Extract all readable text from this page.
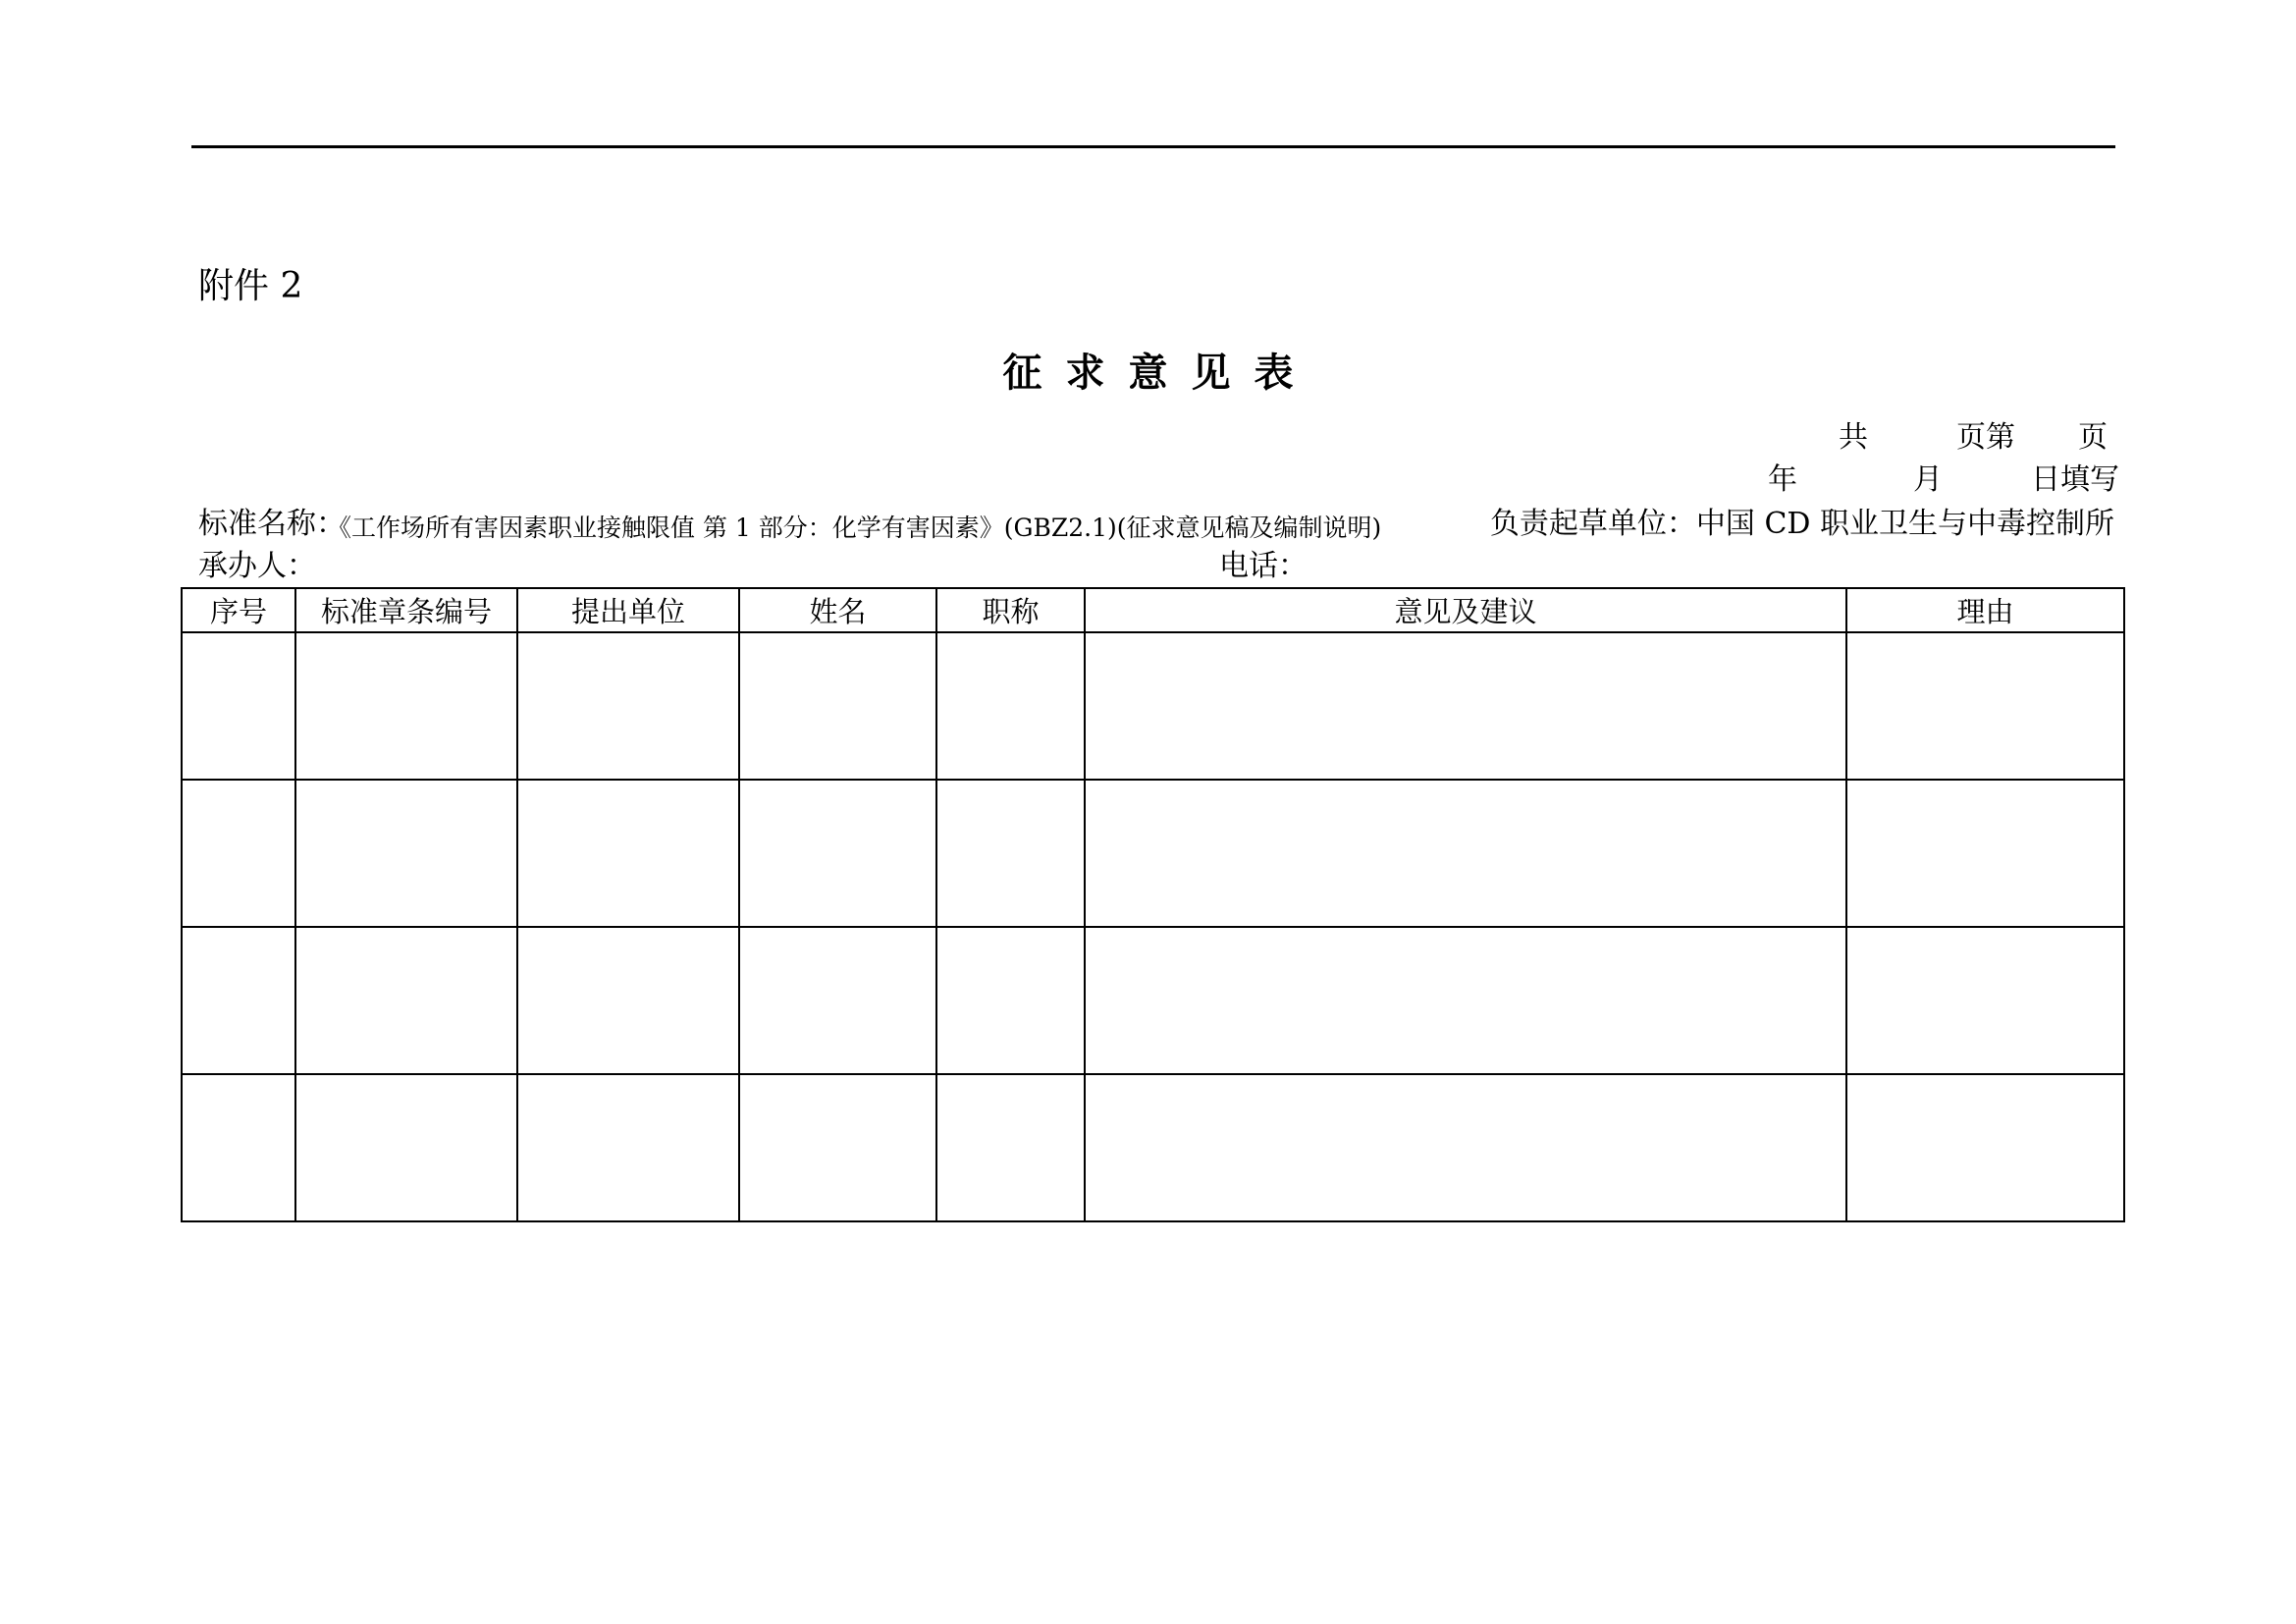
附件 2
征求意见表
共	页第 页
年	月	日填写
标准名称：
《工作场所有害因素职业接触限值 第 1 部分：化学有害因素》(GBZ2.1)(征求意见稿及编制说明)	负责起草单位：中国 CD 职业卫生与中毒控制所
承办人：	电话：
序号	标准章条编号	提出单位	姓名	职称	意见及建议	理由
